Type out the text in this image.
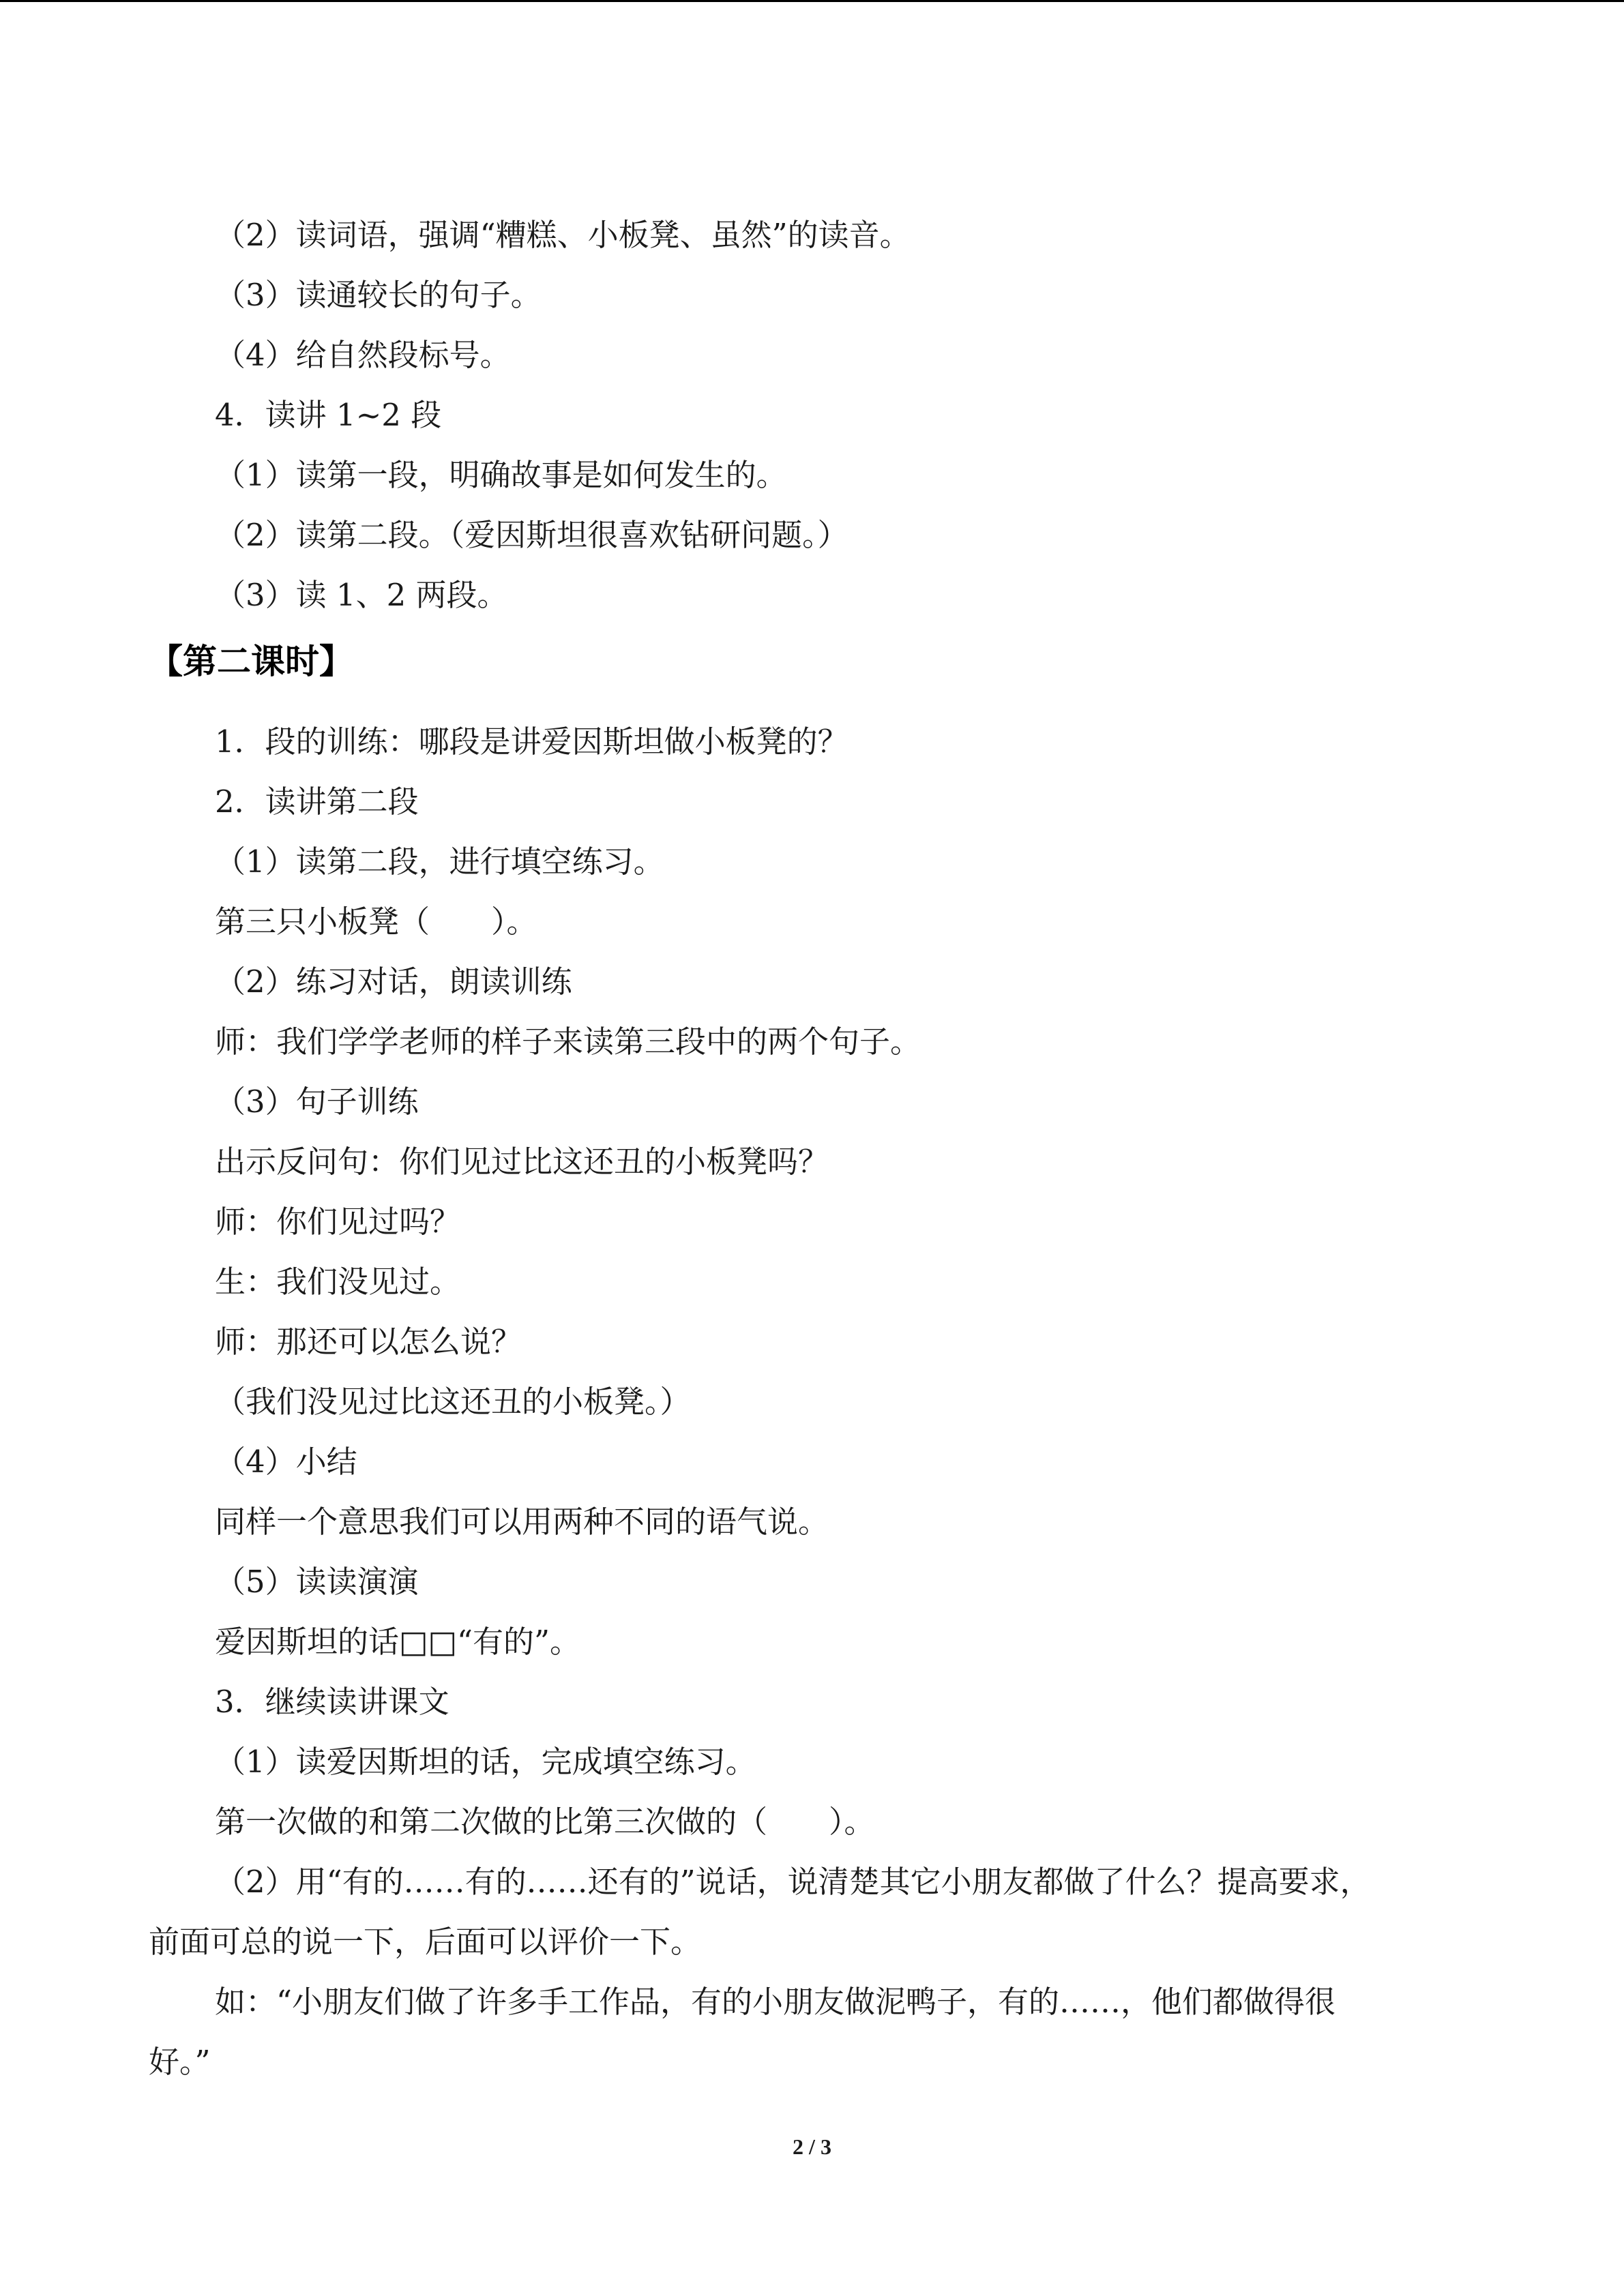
（2）读词语，强调“糟糕、小板凳、虽然”的读音。
（3）读通较长的句子。
（4）给自然段标号。
4．读讲 1~2 段
（1）读第一段，明确故事是如何发生的。
（2）读第二段。（爱因斯坦很喜欢钻研问题。）
（3）读 1、2 两段。
【第二课时】
1．段的训练：哪段是讲爱因斯坦做小板凳的？
2．读讲第二段
（1）读第二段，进行填空练习。
第三只小板凳（　　）。
（2）练习对话，朗读训练
师：我们学学老师的样子来读第三段中的两个句子。
（3）句子训练
出示反问句：你们见过比这还丑的小板凳吗？
师：你们见过吗？
生：我们没见过。
师：那还可以怎么说？
（我们没见过比这还丑的小板凳。）
（4）小结
同样一个意思我们可以用两种不同的语气说。
（5）读读演演
爱因斯坦的话□□“有的”。
3．继续读讲课文
（1）读爱因斯坦的话，完成填空练习。
第一次做的和第二次做的比第三次做的（　　）。
（2）用“有的……有的……还有的”说话，说清楚其它小朋友都做了什么？提高要求，
前面可总的说一下，后面可以评价一下。
如：“小朋友们做了许多手工作品，有的小朋友做泥鸭子，有的……，他们都做得很
好。”
2 / 3
